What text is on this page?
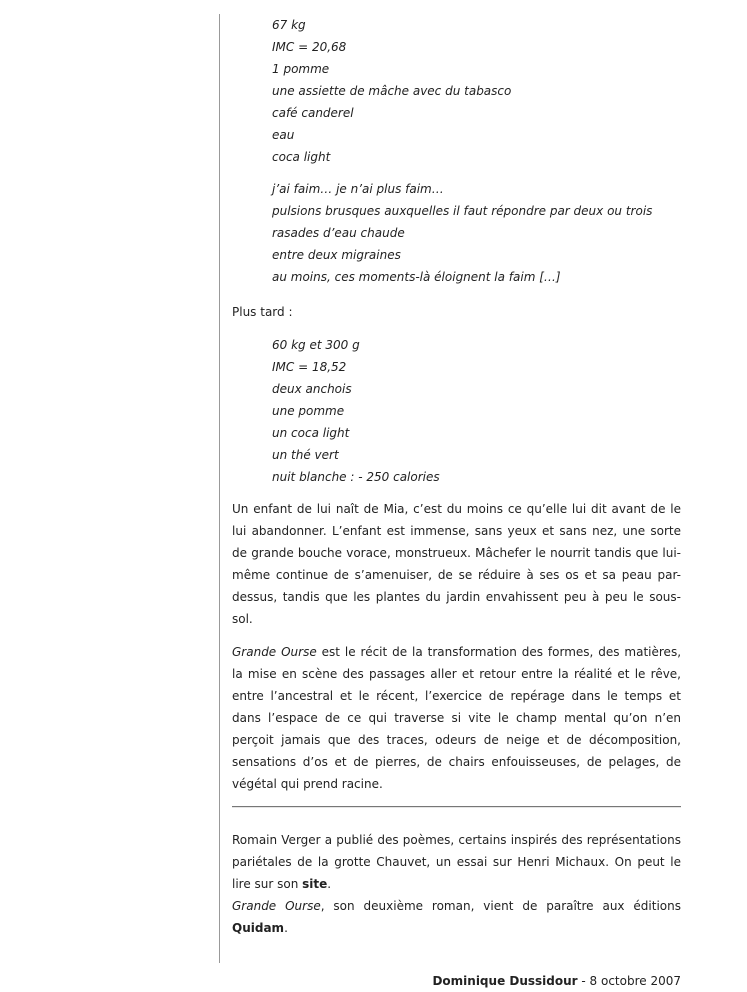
67 kg
IMC = 20,68
1 pomme
une assiette de mâche avec du tabasco
café canderel
eau
coca light
j’ai faim… je n’ai plus faim…
pulsions brusques auxquelles il faut répondre par deux ou trois
rasades d’eau chaude
entre deux migraines
au moins, ces moments-là éloignent la faim […]
Plus tard :
60 kg et 300 g
IMC = 18,52
deux anchois
une pomme
un coca light
un thé vert
nuit blanche : - 250 calories

Un enfant de lui naît de Mia, c’est du moins ce qu’elle lui dit avant de le lui abandonner. L’enfant est immense, sans yeux et sans nez, une sorte de grande bouche vorace, monstrueux. Mâchefer le nourrit tandis que lui-même continue de s’amenuiser, de se réduire à ses os et sa peau par-dessus, tandis que les plantes du jardin envahissent peu à peu le sous-sol.

Grande Ourse est le récit de la transformation des formes, des matières, la mise en scène des passages aller et retour entre la réalité et le rêve, entre l’ancestral et le récent, l’exercice de repérage dans le temps et dans l’espace de ce qui traverse si vite le champ mental qu’on n’en perçoit jamais que des traces, odeurs de neige et de décomposition, sensations d’os et de pierres, de chairs enfouisseuses, de pelages, de végétal qui prend racine.

Romain Verger a publié des poèmes, certains inspirés des représentations pariétales de la grotte Chauvet, un essai sur Henri Michaux. On peut le lire sur son site.
Grande Ourse, son deuxième roman, vient de paraître aux éditions Quidam.
Dominique Dussidour - 8 octobre 2007
